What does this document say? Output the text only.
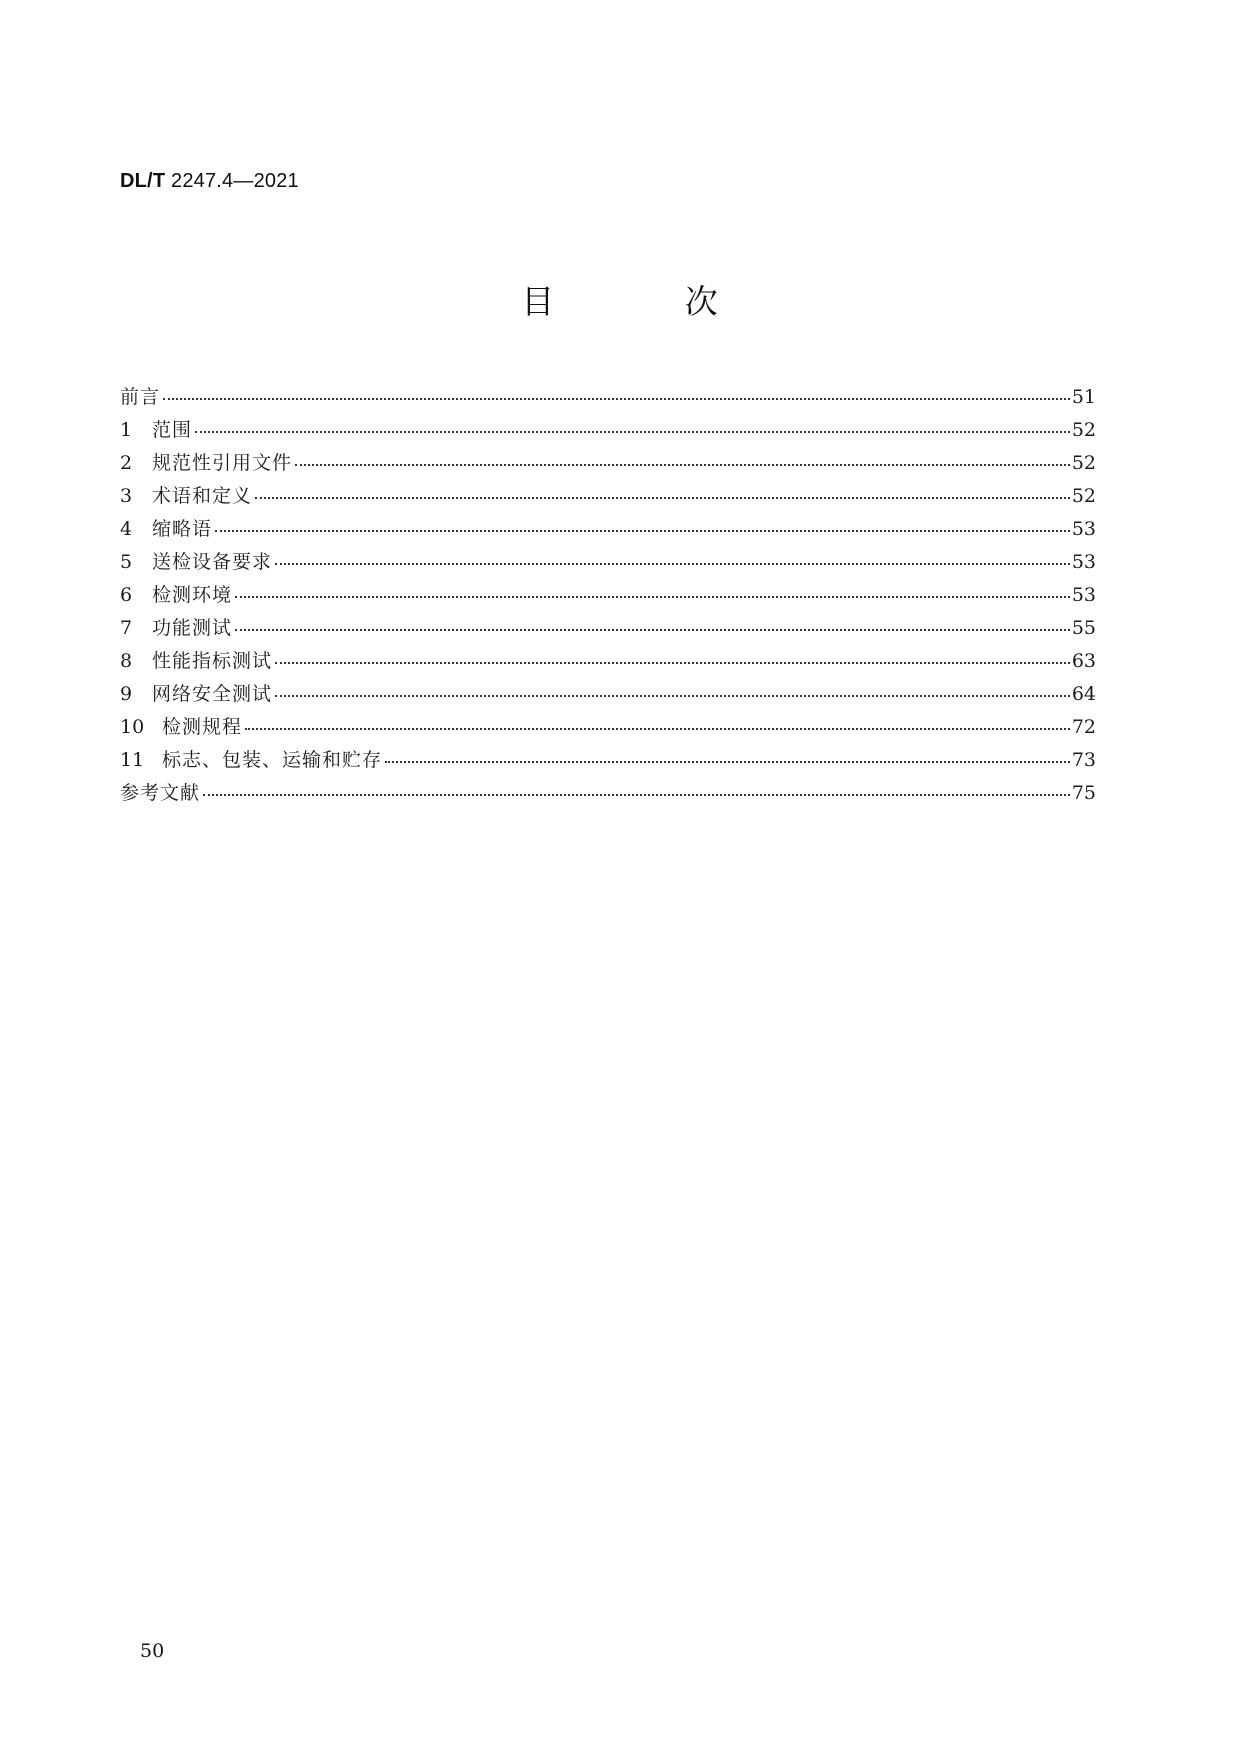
DL/T 2247.4—2021
目 次
前言	51
1	范围	52
2	规范性引用文件	52
3	术语和定义	52
4	缩略语	53
5	送检设备要求	53
6	检测环境	53
7	功能测试	55
8	性能指标测试	63
9	网络安全测试	64
10 检测规程	72
11 标志、包装、运输和贮存	73
参考文献	75
50
